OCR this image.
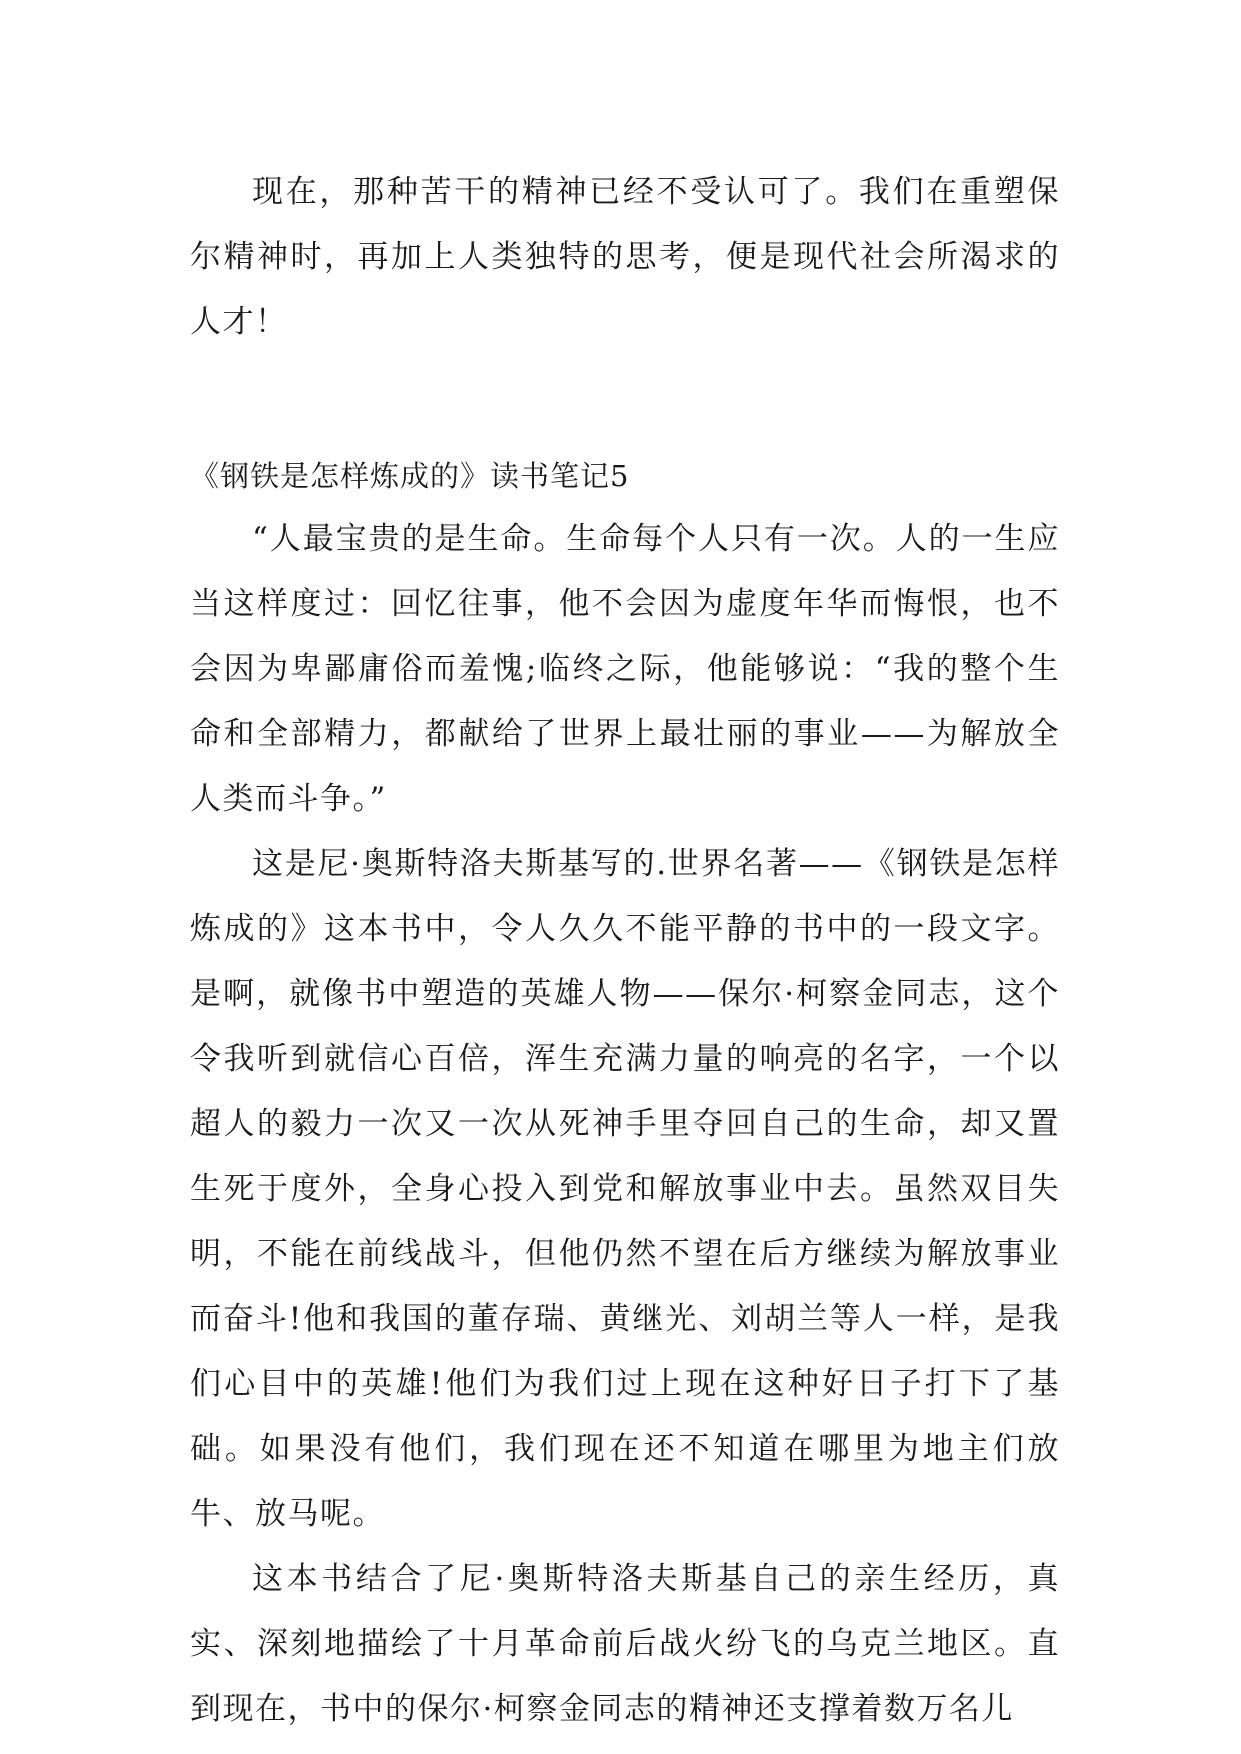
现在，那种苦干的精神已经不受认可了。我们在重塑保尔精神时，再加上人类独特的思考，便是现代社会所渴求的人才！

《钢铁是怎样炼成的》读书笔记5

“人最宝贵的是生命。生命每个人只有一次。人的一生应当这样度过：回忆往事，他不会因为虚度年华而悔恨，也不会因为卑鄙庸俗而羞愧;临终之际，他能够说：“我的整个生命和全部精力，都献给了世界上最壮丽的事业——为解放全人类而斗争。”

这是尼·奥斯特洛夫斯基写的.世界名著——《钢铁是怎样炼成的》这本书中，令人久久不能平静的书中的一段文字。是啊，就像书中塑造的英雄人物——保尔·柯察金同志，这个令我听到就信心百倍，浑生充满力量的响亮的名字，一个以超人的毅力一次又一次从死神手里夺回自己的生命，却又置生死于度外，全身心投入到党和解放事业中去。虽然双目失明，不能在前线战斗，但他仍然不望在后方继续为解放事业而奋斗!他和我国的董存瑞、黄继光、刘胡兰等人一样，是我们心目中的英雄!他们为我们过上现在这种好日子打下了基础。如果没有他们，我们现在还不知道在哪里为地主们放牛、放马呢。

这本书结合了尼·奥斯特洛夫斯基自己的亲生经历，真实、深刻地描绘了十月革命前后战火纷飞的乌克兰地区。直到现在，书中的保尔·柯察金同志的精神还支撑着数万名儿
